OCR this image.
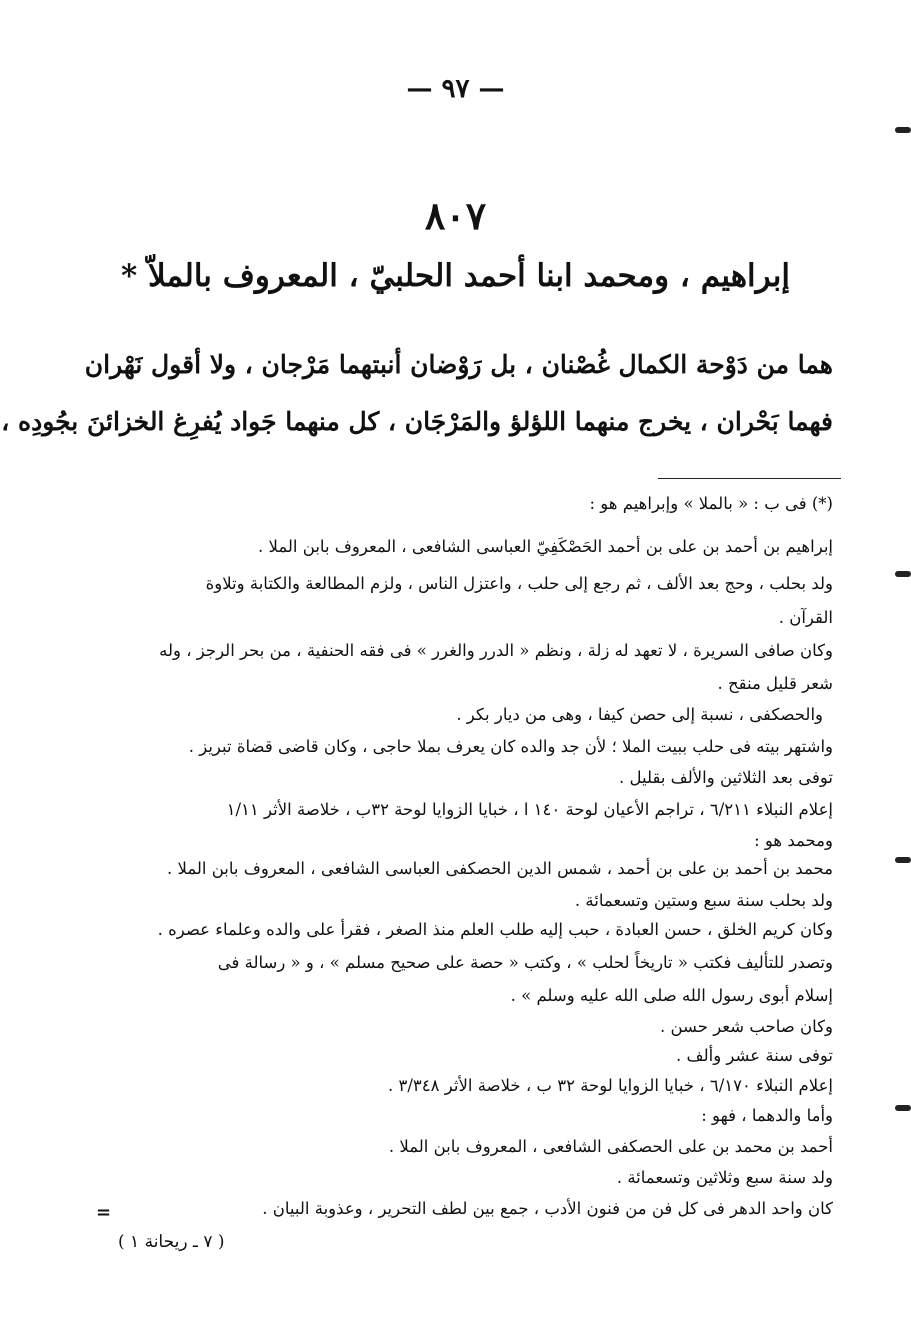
— ٩٧ —
٨٠٧
إبراهيم ، ومحمد ابنا أحمد الحلبيّ ، المعروف بالملاّ *
هما من دَوْحة الكمال غُصْنان ، بل رَوْضان أنبتهما مَرْجان ، ولا أقول نَهْران
فهما بَحْران ، يخرج منهما اللؤلؤ والمَرْجَان ، كل منهما جَواد يُفرِغ الخزائنَ بجُودِه ،
(*) فى ب : « بالملا » وإبراهيم هو :
إبراهيم بن أحمد بن على بن أحمد الحَصْكَفِيّ العباسى الشافعى ، المعروف بابن الملا .
ولد بحلب ، وحج بعد الألف ، ثم رجع إلى حلب ، واعتزل الناس ، ولزم المطالعة والكتابة وتلاوة
القرآن .
وكان صافى السريرة ، لا تعهد له زلة ، ونظم « الدرر والغرر » فى فقه الحنفية ، من بحر الرجز ، وله
شعر قليل منقح .
والحصكفى ، نسبة إلى حصن كيفا ، وهى من ديار بكر .
واشتهر بيته فى حلب ببيت الملا ؛ لأن جد والده كان يعرف بملا حاجى ، وكان قاضى قضاة تبريز .
توفى بعد الثلاثين والألف بقليل .
إعلام النبلاء ٦/٢١١ ، تراجم الأعيان لوحة ١٤٠ ا ، خبايا الزوايا لوحة ٣٢ب ، خلاصة الأثر ١/١١
ومحمد هو :
محمد بن أحمد بن على بن أحمد ، شمس الدين الحصكفى العباسى الشافعى ، المعروف بابن الملا .
ولد بحلب سنة سبع وستين وتسعمائة .
وكان كريم الخلق ، حسن العبادة ، حبب إليه طلب العلم منذ الصغر ، فقرأ على والده وعلماء عصره .
وتصدر للتأليف فكتب « تاريخاً لحلب » ، وكتب « حصة على صحيح مسلم » ، و « رسالة فى
إسلام أبوى رسول الله صلى الله عليه وسلم » .
وكان صاحب شعر حسن .
توفى سنة عشر وألف .
إعلام النبلاء ٦/١٧٠ ، خبايا الزوايا لوحة ٣٢ ب ، خلاصة الأثر ٣/٣٤٨ .
وأما والدهما ، فهو :
أحمد بن محمد بن على الحصكفى الشافعى ، المعروف بابن الملا .
ولد سنة سبع وثلاثين وتسعمائة .
كان واحد الدهر فى كل فن من فنون الأدب ، جمع بين لطف التحرير ، وعذوبة البيان .
=
( ٧ ـ ريحانة ١ )
